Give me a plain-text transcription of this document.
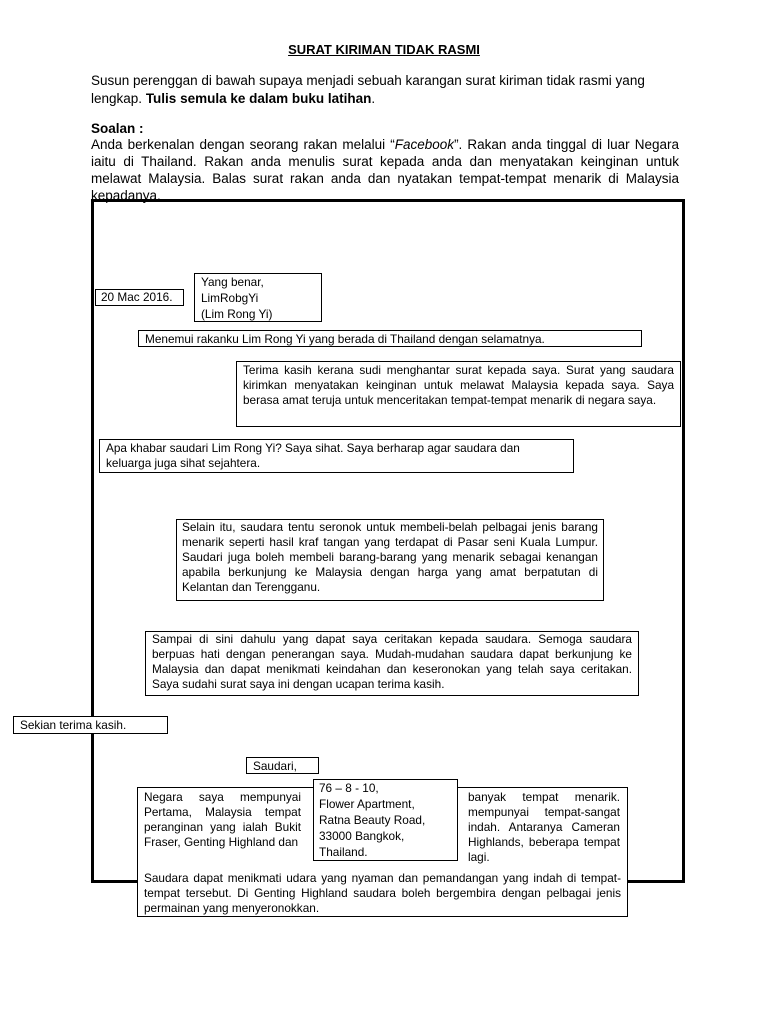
SURAT KIRIMAN TIDAK RASMI
Susun perenggan di bawah supaya menjadi sebuah karangan surat kiriman tidak rasmi yang lengkap. Tulis semula ke dalam buku latihan.
Soalan :
Anda berkenalan dengan seorang rakan melalui “Facebook”. Rakan anda tinggal di luar Negara iaitu di Thailand. Rakan anda menulis surat kepada anda dan menyatakan keinginan untuk melawat Malaysia. Balas surat rakan anda dan nyatakan tempat-tempat menarik di Malaysia kepadanya.
20 Mac 2016.
Yang benar,
LimRobgYi
(Lim Rong Yi)
Menemui rakanku Lim Rong Yi yang berada di Thailand dengan selamatnya.
Terima kasih kerana sudi menghantar surat kepada saya. Surat yang saudara kirimkan menyatakan keinginan untuk melawat Malaysia kepada saya. Saya berasa amat teruja untuk menceritakan tempat-tempat menarik di negara saya.
Apa khabar saudari Lim Rong Yi? Saya sihat. Saya berharap agar saudara dan keluarga juga sihat sejahtera.
Selain itu, saudara tentu seronok untuk membeli-belah pelbagai jenis barang menarik seperti hasil kraf tangan yang terdapat di Pasar seni Kuala Lumpur. Saudari juga boleh membeli barang-barang yang menarik sebagai kenangan apabila berkunjung ke Malaysia dengan harga yang amat berpatutan di Kelantan dan Terengganu.
Sampai di sini dahulu yang dapat saya ceritakan kepada saudara. Semoga saudara berpuas hati dengan penerangan saya. Mudah-mudahan saudara dapat berkunjung ke Malaysia dan dapat menikmati keindahan dan keseronokan yang telah saya ceritakan. Saya sudahi surat saya ini dengan ucapan terima kasih.
Sekian terima kasih.
Saudari,
Negara saya mempunyai Pertama, Malaysia tempat peranginan yang ialah Bukit Fraser, Genting Highland dan
banyak tempat menarik. mempunyai tempat-sangat indah. Antaranya Cameran Highlands, beberapa tempat lagi.
Saudara dapat menikmati udara yang nyaman dan pemandangan yang indah di tempat-tempat tersebut. Di Genting Highland saudara boleh bergembira dengan pelbagai jenis permainan yang menyeronokkan.
76 – 8 - 10,
Flower Apartment,
Ratna Beauty Road,
33000 Bangkok,
Thailand.
